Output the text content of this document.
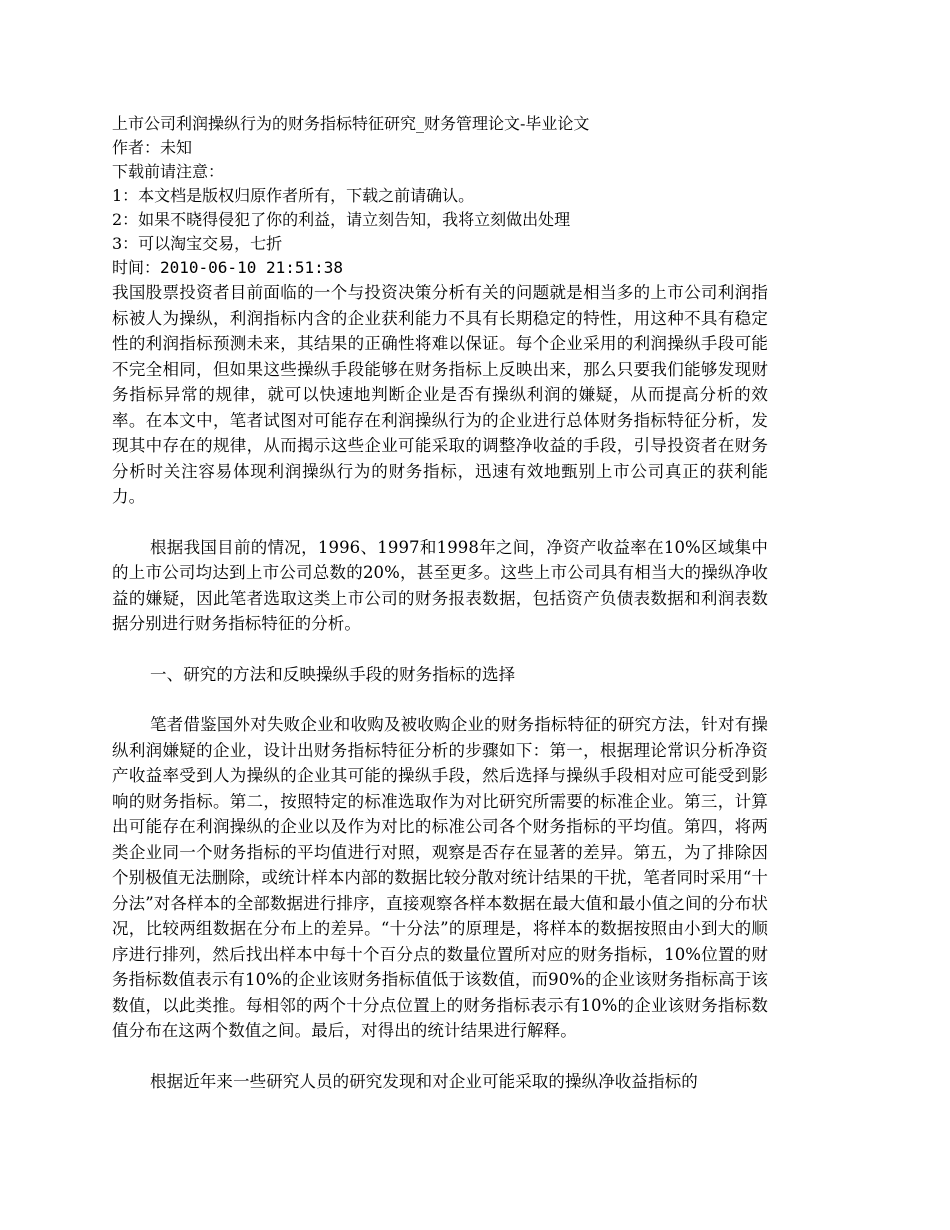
上市公司利润操纵行为的财务指标特征研究_财务管理论文-毕业论文

作者：未知

下载前请注意：

1：本文档是版权归原作者所有，下载之前请确认。

2：如果不晓得侵犯了你的利益，请立刻告知，我将立刻做出处理

3：可以淘宝交易，七折

时间：2010-06-10 21:51:38

我国股票投资者目前面临的一个与投资决策分析有关的问题就是相当多的上市公司利润指标被人为操纵，利润指标内含的企业获利能力不具有长期稳定的特性，用这种不具有稳定性的利润指标预测未来，其结果的正确性将难以保证。每个企业采用的利润操纵手段可能不完全相同，但如果这些操纵手段能够在财务指标上反映出来，那么只要我们能够发现财务指标异常的规律，就可以快速地判断企业是否有操纵利润的嫌疑，从而提高分析的效率。在本文中，笔者试图对可能存在利润操纵行为的企业进行总体财务指标特征分析，发现其中存在的规律，从而揭示这些企业可能采取的调整净收益的手段，引导投资者在财务分析时关注容易体现利润操纵行为的财务指标，迅速有效地甄别上市公司真正的获利能力。

根据我国目前的情况，1996、1997和1998年之间，净资产收益率在10%区域集中的上市公司均达到上市公司总数的20%，甚至更多。这些上市公司具有相当大的操纵净收益的嫌疑，因此笔者选取这类上市公司的财务报表数据，包括资产负债表数据和利润表数据分别进行财务指标特征的分析。

一、研究的方法和反映操纵手段的财务指标的选择

笔者借鉴国外对失败企业和收购及被收购企业的财务指标特征的研究方法，针对有操纵利润嫌疑的企业，设计出财务指标特征分析的步骤如下：第一，根据理论常识分析净资产收益率受到人为操纵的企业其可能的操纵手段，然后选择与操纵手段相对应可能受到影响的财务指标。第二，按照特定的标准选取作为对比研究所需要的标准企业。第三，计算出可能存在利润操纵的企业以及作为对比的标准公司各个财务指标的平均值。第四，将两类企业同一个财务指标的平均值进行对照，观察是否存在显著的差异。第五，为了排除因个别极值无法删除，或统计样本内部的数据比较分散对统计结果的干扰，笔者同时采用“十分法”对各样本的全部数据进行排序，直接观察各样本数据在最大值和最小值之间的分布状况，比较两组数据在分布上的差异。“十分法”的原理是，将样本的数据按照由小到大的顺序进行排列，然后找出样本中每十个百分点的数量位置所对应的财务指标，10%位置的财务指标数值表示有10%的企业该财务指标值低于该数值，而90%的企业该财务指标高于该数值，以此类推。每相邻的两个十分点位置上的财务指标表示有10%的企业该财务指标数值分布在这两个数值之间。最后，对得出的统计结果进行解释。

根据近年来一些研究人员的研究发现和对企业可能采取的操纵净收益指标的
